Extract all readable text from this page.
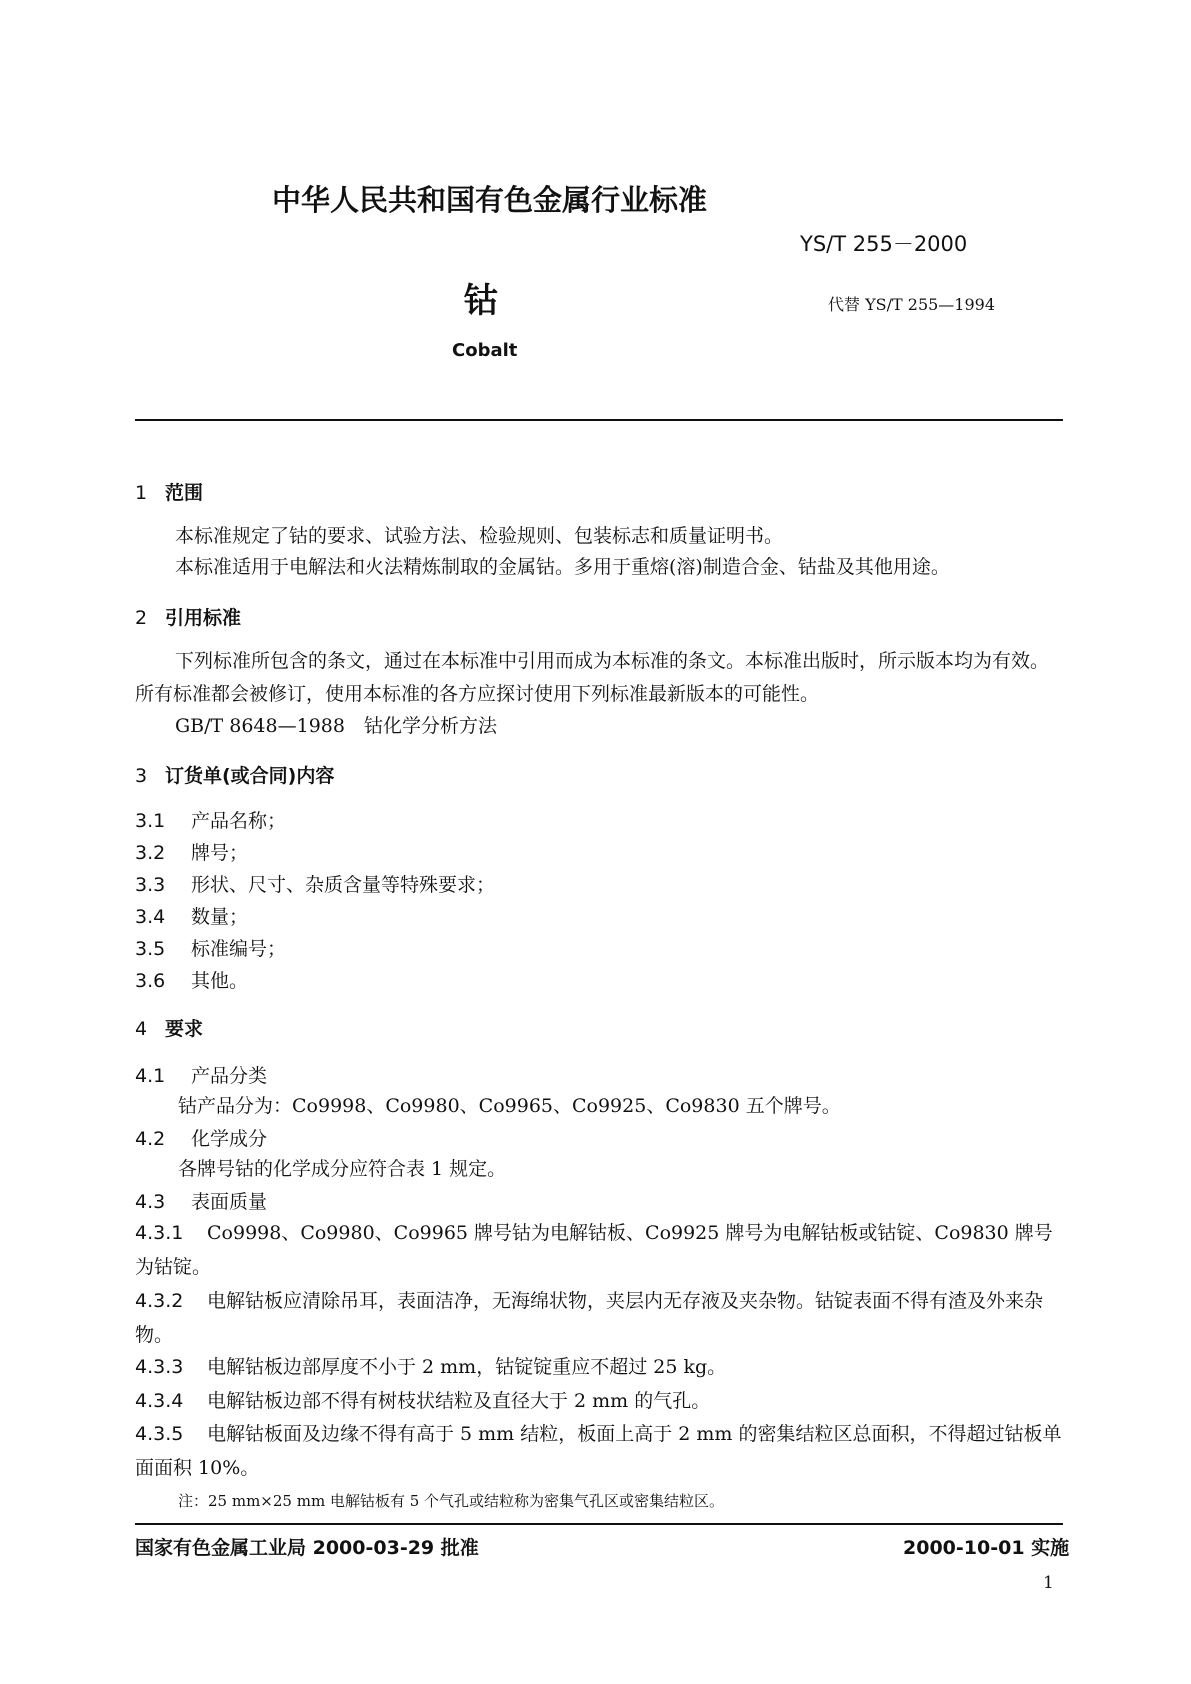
中华人民共和国有色金属行业标准
YS/T 255－2000
钴	代替 YS/T 255—1994
Cobalt
1 范围
本标准规定了钴的要求、试验方法、检验规则、包装标志和质量证明书。
本标准适用于电解法和火法精炼制取的金属钴。多用于重熔(溶)制造合金、钴盐及其他用途。
2 引用标准
下列标准所包含的条文，通过在本标准中引用而成为本标准的条文。本标准出版时，所示版本均为有效。所有标准都会被修订，使用本标准的各方应探讨使用下列标准最新版本的可能性。
GB/T 8648—1988　钴化学分析方法
3 订货单(或合同)内容
3.1 产品名称；
3.2 牌号；
3.3 形状、尺寸、杂质含量等特殊要求；
3.4 数量；
3.5 标准编号；
3.6 其他。
4 要求
4.1 产品分类
钴产品分为：Co9998、Co9980、Co9965、Co9925、Co9830 五个牌号。
4.2 化学成分
各牌号钴的化学成分应符合表 1 规定。
4.3 表面质量
4.3.1 Co9998、Co9980、Co9965 牌号钴为电解钴板、Co9925 牌号为电解钴板或钴锭、Co9830 牌号为钴锭。
4.3.2 电解钴板应清除吊耳，表面洁净，无海绵状物，夹层内无存液及夹杂物。钴锭表面不得有渣及外来杂物。
4.3.3 电解钴板边部厚度不小于 2 mm，钴锭锭重应不超过 25 kg。
4.3.4 电解钴板边部不得有树枝状结粒及直径大于 2 mm 的气孔。
4.3.5 电解钴板面及边缘不得有高于 5 mm 结粒，板面上高于 2 mm 的密集结粒区总面积，不得超过钴板单面面积 10%。
注：25 mm×25 mm 电解钴板有 5 个气孔或结粒称为密集气孔区或密集结粒区。
国家有色金属工业局 2000-03-29 批准	2000-10-01 实施
1
